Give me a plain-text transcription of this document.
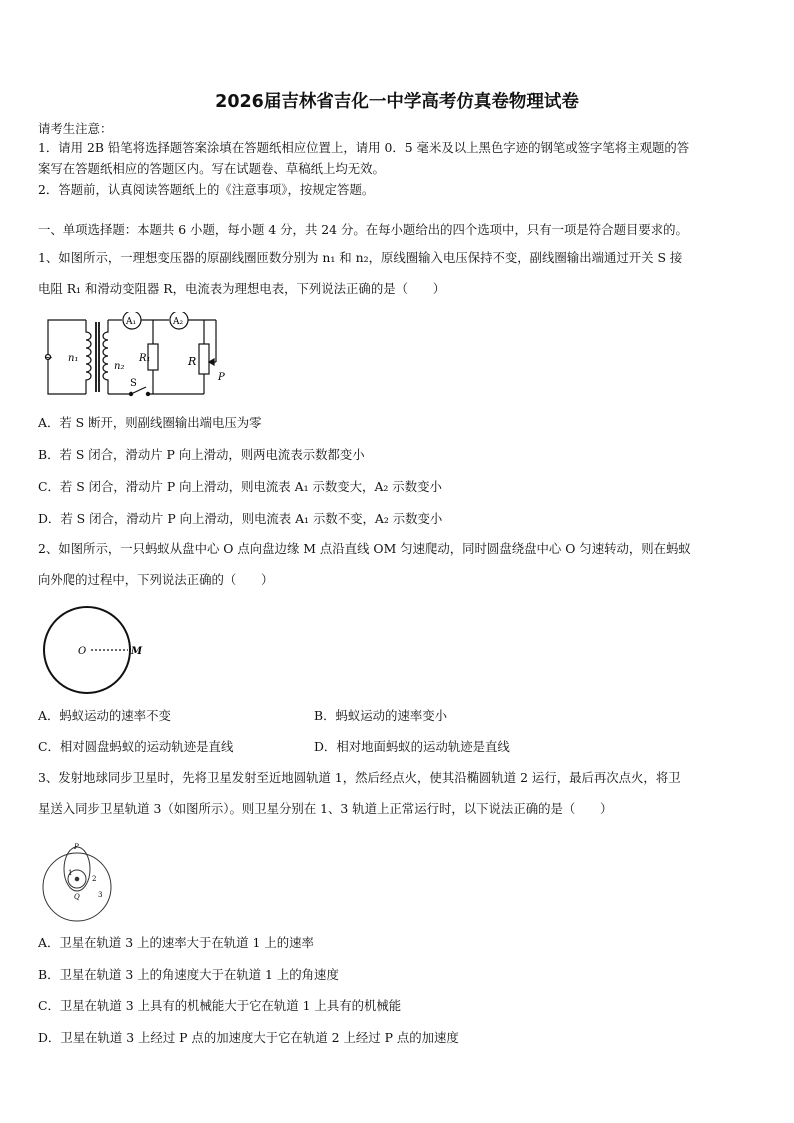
2026届吉林省吉化一中学高考仿真卷物理试卷
请考生注意：
1．请用 2B 铅笔将选择题答案涂填在答题纸相应位置上，请用 0．5 毫米及以上黑色字迹的钢笔或签字笔将主观题的答
案写在答题纸相应的答题区内。写在试题卷、草稿纸上均无效。
2．答题前，认真阅读答题纸上的《注意事项》，按规定答题。
一、单项选择题：本题共 6 小题，每小题 4 分，共 24 分。在每小题给出的四个选项中，只有一项是符合题目要求的。
1、如图所示，一理想变压器的原副线圈匝数分别为 n₁ 和 n₂，原线圈输入电压保持不变，副线圈输出端通过开关 S 接
电阻 R₁ 和滑动变阻器 R，电流表为理想电表，下列说法正确的是（　　）
~ n₁
n₂
A₁	A₂
R₁	R
P
S
A．若 S 断开，则副线圈输出端电压为零
B．若 S 闭合，滑动片 P 向上滑动，则两电流表示数都变小
C．若 S 闭合，滑动片 P 向上滑动，则电流表 A₁ 示数变大，A₂ 示数变小
D．若 S 闭合，滑动片 P 向上滑动，则电流表 A₁ 示数不变，A₂ 示数变小
2、如图所示，一只蚂蚁从盘中心 O 点向盘边缘 M 点沿直线 OM 匀速爬动，同时圆盘绕盘中心 O 匀速转动，则在蚂蚁
向外爬的过程中，下列说法正确的（　　）
O	M
A．蚂蚁运动的速率不变	B．蚂蚁运动的速率变小
C．相对圆盘蚂蚁的运动轨迹是直线	D．相对地面蚂蚁的运动轨迹是直线
3、发射地球同步卫星时，先将卫星发射至近地圆轨道 1，然后经点火，使其沿椭圆轨道 2 运行，最后再次点火，将卫
星送入同步卫星轨道 3（如图所示）。则卫星分别在 1、3 轨道上正常运行时，以下说法正确的是（　　）
P
Q
1
2
3
A．卫星在轨道 3 上的速率大于在轨道 1 上的速率
B．卫星在轨道 3 上的角速度大于在轨道 1 上的角速度
C．卫星在轨道 3 上具有的机械能大于它在轨道 1 上具有的机械能
D．卫星在轨道 3 上经过 P 点的加速度大于它在轨道 2 上经过 P 点的加速度
